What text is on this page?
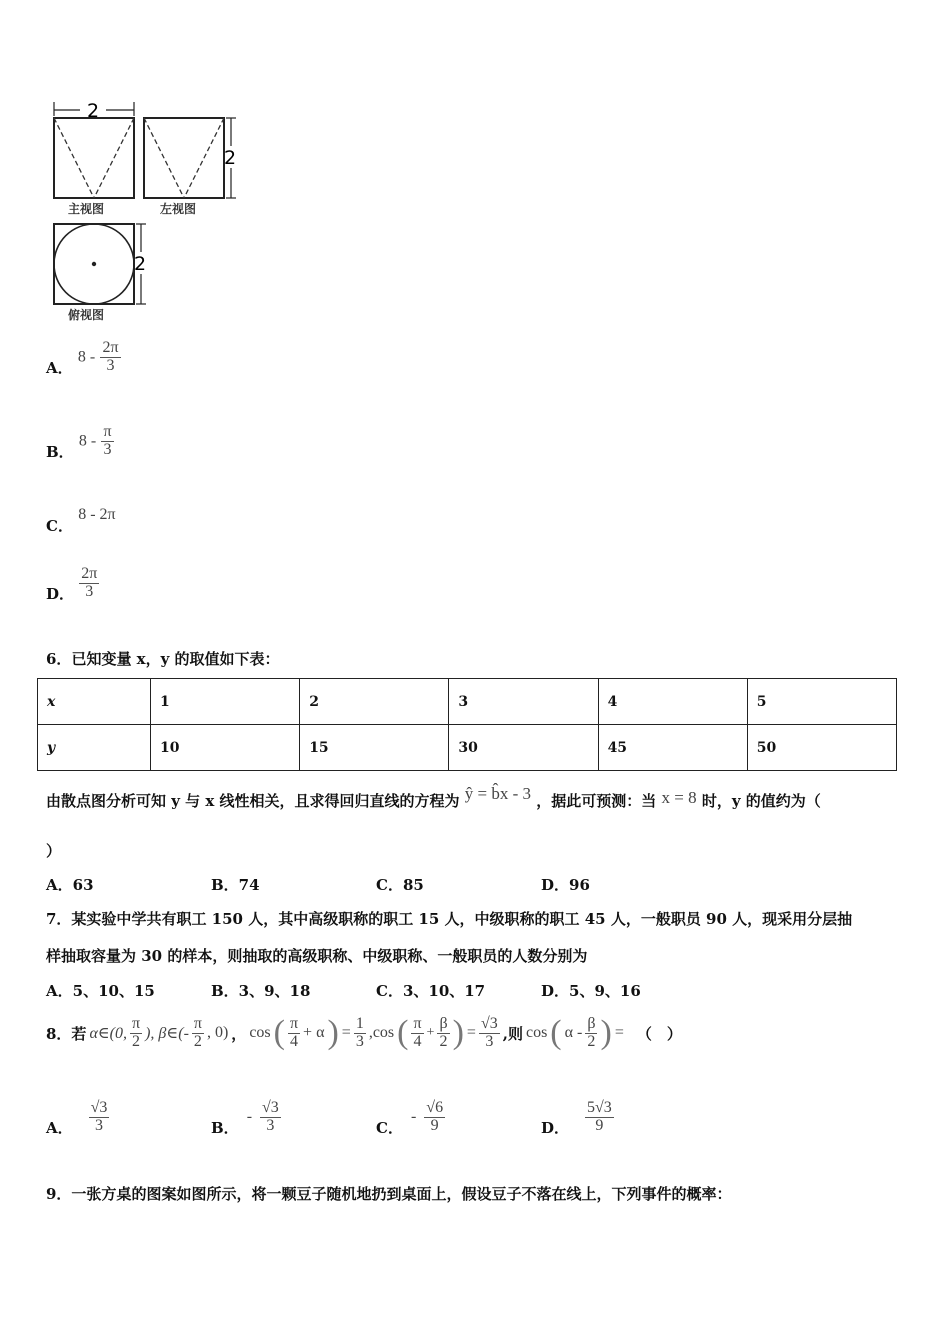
2
2
2
主视图	左视图
俯视图
A． $8 - \frac{2\pi}{3}$
B． $8 - \frac{\pi}{3}$
C． 8 - 2π
D． $\frac{2\pi}{3}$
6．已知变量 x，y 的取值如下表：
x	1	2	3	4	5
y	10	15	30	45	50
由散点图分析可知 y 与 x 线性相关，且求得回归直线的方程为 ŷ = b̂x - 3 ，据此可预测：当 x = 8 时，y 的值约为（
）
A．63	B．74	C．85	D．96
7．某实验中学共有职工 150 人，其中高级职称的职工 15 人，中级职称的职工 45 人，一般职员 90 人，现采用分层抽
样抽取容量为 30 的样本，则抽取的高级职称、中级职称、一般职员的人数分别为
A．5、10、15	B．3、9、18	C．3、10、17	D．5、9、16
8．若 α∈(0, $\frac{\pi}{2}$ ), β∈(- $\frac{\pi}{2}$ , 0) ， cos ( $\frac{\pi}{4} + \alpha$ ) = $\frac{1}{3} ,\cos$ ( $\frac{\pi}{4} + \frac{\beta}{2}$ ) = $\frac{√3}{3}$ ,则 cos ( α - $\frac{\beta}{2}$ ) = （　）
A． $\frac{√3}{3}$	B．
- $\frac{√3}{3}$	C．
- $\frac{√6}{9}$	D． $\frac{5√3}{9}$
9．一张方桌的图案如图所示，将一颗豆子随机地扔到桌面上，假设豆子不落在线上，下列事件的概率：
